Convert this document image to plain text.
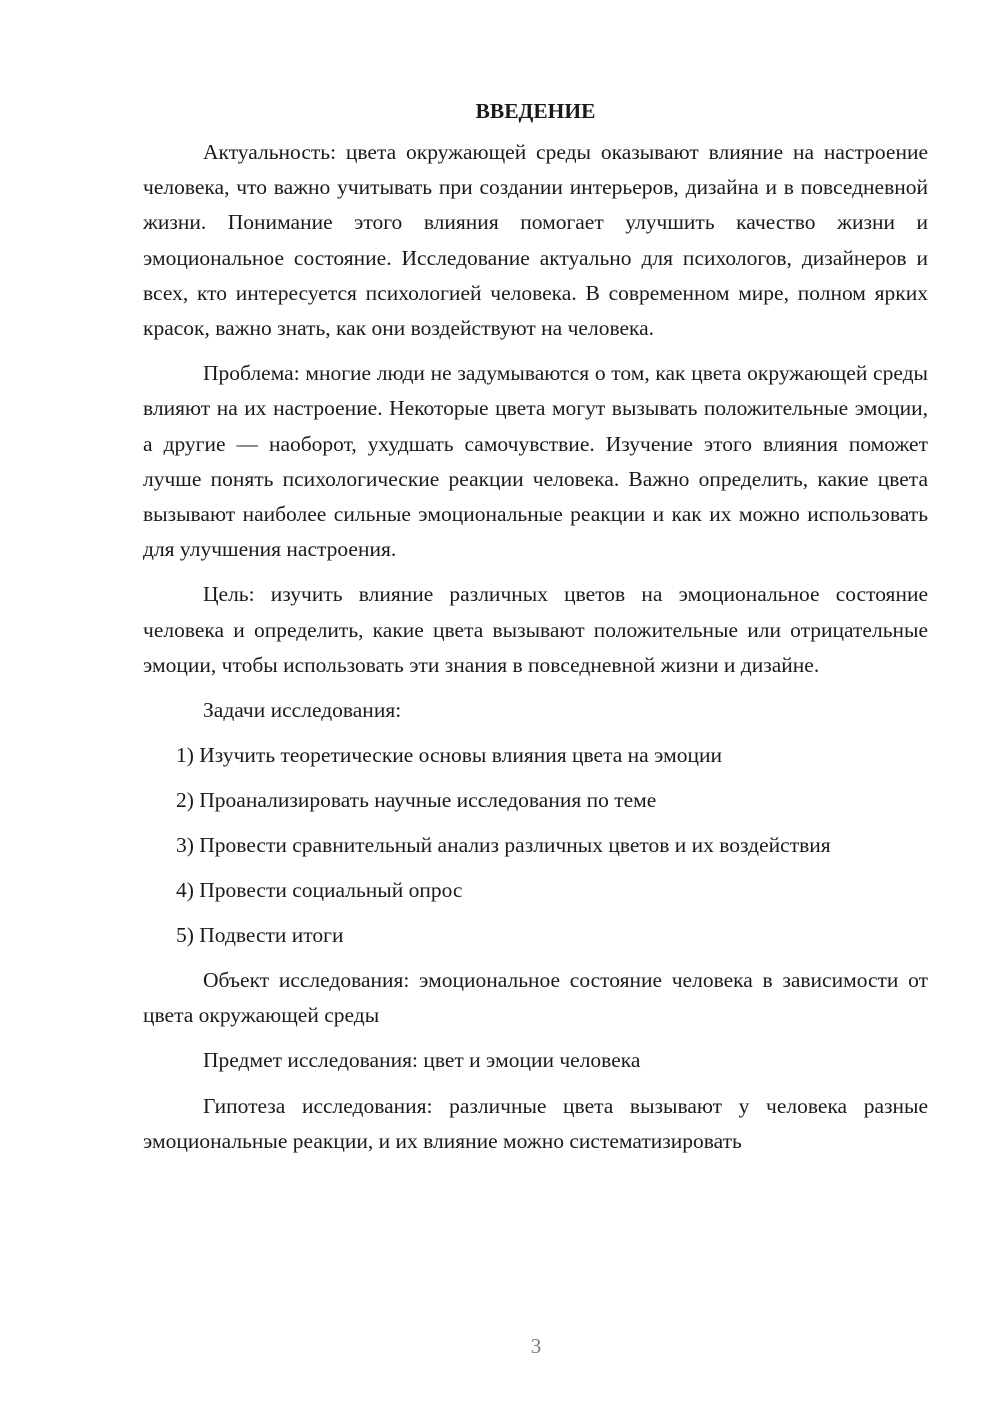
ВВЕДЕНИЕ
Актуальность: цвета окружающей среды оказывают влияние на настроение человека, что важно учитывать при создании интерьеров, дизайна и в повседневной жизни. Понимание этого влияния помогает улучшить качество жизни и эмоциональное состояние. Исследование актуально для психологов, дизайнеров и всех, кто интересуется психологией человека. В современном мире, полном ярких красок, важно знать, как они воздействуют на человека.
Проблема: многие люди не задумываются о том, как цвета окружающей среды влияют на их настроение. Некоторые цвета могут вызывать положительные эмоции, а другие — наоборот, ухудшать самочувствие. Изучение этого влияния поможет лучше понять психологические реакции человека. Важно определить, какие цвета вызывают наиболее сильные эмоциональные реакции и как их можно использовать для улучшения настроения.
Цель: изучить влияние различных цветов на эмоциональное состояние человека и определить, какие цвета вызывают положительные или отрицательные эмоции, чтобы использовать эти знания в повседневной жизни и дизайне.
Задачи исследования:
1) Изучить теоретические основы влияния цвета на эмоции
2) Проанализировать научные исследования по теме
3) Провести сравнительный анализ различных цветов и их воздействия
4) Провести социальный опрос
5) Подвести итоги
Объект исследования: эмоциональное состояние человека в зависимости от цвета окружающей среды
Предмет исследования: цвет и эмоции человека
Гипотеза исследования: различные цвета вызывают у человека разные эмоциональные реакции, и их влияние можно систематизировать
3
